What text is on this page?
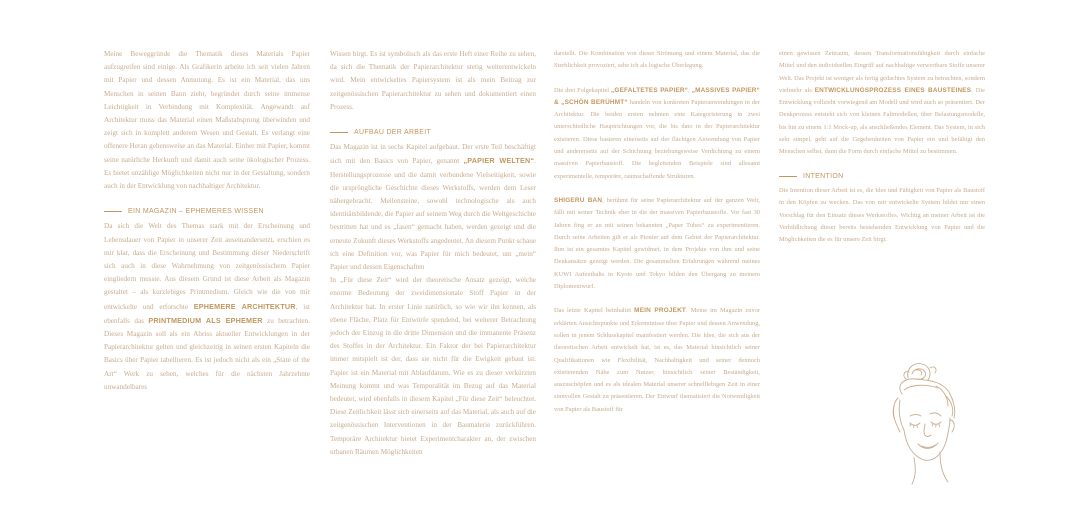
Meine Beweggründe die Thematik dieses Materials Papier aufzugreifen sind einige. Als Grafikerin arbeite ich seit vielen Jahren mit Papier und dessen Anmutung. Es ist ein Material, das uns Menschen in seinen Bann zieht, begründet durch seine immense Leichtigkeit in Verbindung mit Komplexität. Angewandt auf Architektur muss das Material einen Maßstabsprung überwinden und zeigt sich in komplett anderem Wesen und Gestalt. Es verlangt eine offenere Heran gehensweise an das Material. Einher mit Papier, kommt seine natürliche Herkunft und damit auch seine ökologischer Prozess. Es bietet unzählige Möglichkeiten nicht nur in der Gestaltung, sondern auch in der Entwicklung von nachhaltiger Architektur.

EIN MAGAZIN – EPHEMERES WISSEN

Da sich die Welt des Themas stark mit der Erscheinung und Lebensdauer von Papier in unserer Zeit auseinandersetzt, erschien es mir klar, dass die Erscheinung und Bestimmung dieser Niederschrift sich auch in diese Wahrnehmung von zeitgenössischem Papier eingliedern musste. Aus diesem Grund ist diese Arbeit als Magazin gestaltet – als kurzlebiges Printmedium. Gleich wie die von mir entwickelte und erforschte EPHEMERE ARCHITEKTUR, ist ebenfalls das PRINTMEDIUM ALS EPHEMER zu betrachten. Dieses Magazin soll als ein Abriss aktueller Entwicklungen in der Papierarchitektur gelten und gleichzeitig in seinen ersten Kapiteln die Basics über Papier tabellieren. Es ist jedoch nicht als ein „State of the Art“ Werk zu sehen, welches für die nächsten Jahrzehnte unwandelbares

Wissen birgt. Es ist symbolisch als das erste Heft einer Reihe zu sehen, da sich die Thematik der Papierarchitektur stetig weiterentwickeln wird. Mein entwickeltes Papiersystem ist als mein Beitrag zur zeitgenössischen Papierarchitektur zu sehen und dokumentiert einen Prozess.

AUFBAU DER ARBEIT

Das Magazin ist in sechs Kapitel aufgebaut. Der erste Teil beschäftigt sich mit den Basics von Papier, genannt „PAPIER WELTEN“. Herstellungsprozesse und die damit verbundene Vielseitigkeit, sowie die ursprüngliche Geschichte dieses Werkstoffs, werden dem Leser nähergebracht. Meilensteine, sowohl technologische als auch identitätsbildende, die Papier auf seinem Weg durch die Weltgeschichte bestritten hat und es „fasen“ gemacht haben, werden gezeigt und die erneute Zukunft dieses Werkstoffs angedeutet. An diesem Punkt schaue ich eine Definition vor, was Papier für mich bedeutet, um „mein“ Papier und dessen Eigenschaften

In „Für diese Zeit“ wird der theoretische Ansatz gezeigt, welche enorme Bedeutung der zweidimensionale Stoff Papier in der Architektur hat. In erster Linie natürlich, so wie wir ihn kennen, als ebene Fläche, Platz für Entwürfe spendend, bei weiterer Betrachtung jedoch der Einzug in die dritte Dimension und die immanente Präsenz des Stoffes in der Architektur. Ein Faktor der bei Papierarchitektur immer mitspielt ist der, dass sie nicht für die Ewigkeit gebaut ist. Papier ist ein Material mit Ablaufdatum. Wie es zu dieser verkürzten Meinung kommt und was Temporalität im Bezug auf das Material bedeutet, wird ebenfalls in diesem Kapitel „Für diese Zeit“ beleuchtet. Diese Zeitlichkeit lässt sich einerseits auf das Material, als auch auf die zeitgenössischen Interventionen in der Baumaterie zurückführen. Temporäre Architektur bietet Experimentcharakter an, der zwischen urbanen Räumen Möglichkeiten

darstellt. Die Kombination von dieser Strömung und einem Material, das die Sterblichkeit provoziert, sehe ich als logische Überlegung.

Die drei Folgekapitel „GEFALTETES PAPIER“, „MASSIVES PAPIER“ & „SCHÖN BERÜHMT“ handeln von konkreten Papieranwendungen in der Architektur. Die beiden ersten nehmen eine Kategorisierung in zwei unterschiedliche Hauptrichtungen vor, die bis dato in der Papierarchitektur existieren. Diese basieren einerseits auf der flächigen Anwendung von Papier und andererseits auf der Schichtung beziehungsweise Verdichtung zu einem massiven Papierbaustoff. Die begleitenden Beispiele sind allesamt experimentelle, temporäre, raumschaffende Strukturen.

SHIGERU BAN, berühmt für seine Papierarchitektur auf der ganzen Welt, fällt mit seiner Technik eher in die der massiven Papierbaustoffe. Vor fast 30 Jahren fing er an mit seinen bekannten „Paper Tubes“ zu experimentieren. Durch seine Arbeiten gilt er als Pionier auf dem Gebiet der Papierarchitektur. Ihm ist ein gesamtes Kapitel gewidmet, in dem Projekte von ihm und seine Denkansätze gezeigt werden. Die gesammelten Erfahrungen während meines KUWI Aufenthalts in Kyoto und Tokyo bilden den Übergang zu meinem Diplomentwurf.

Das letzte Kapitel beinhaltet MEIN PROJEKT. Meine im Magazin zuvor erklärten Ansichtspunkte und Erkenntnisse über Papier und dessen Anwendung, sollen in jenem Schlusskapitel manifestiert werden. Die Idee, die sich aus der theoretischen Arbeit entwickelt hat, ist es, das Material hinsichtlich seiner Qualifikationen wie Flexibilität, Nachhaltigkeit und seiner dennoch existierenden Nähe zum Nutzer, hinsichtlich seiner Beständigkeit, auszuschöpfen und es als idealen Material unserer schnelllebigen Zeit in einer sinnvollen Gestalt zu präsentieren. Der Entwurf thematisiert die Notwendigkeit von Papier als Baustoff für

einen gewissen Zeitraum, dessen Transformationsfähigkeit durch einfache Mittel und den individuellen Eingriff auf nachhaltige verwertbare Stoffe unserer Welt. Das Projekt ist weniger als fertig gedachtes System zu betrachten, sondern vielmehr als ENTWICKLUNGSPROZESS EINES BAUSTEINES. Die Entwicklung vollzieht vorwiegend am Modell und wird auch so präsentiert. Der Denkprozess entsteht sich von kleinen Faltmodellen, über Belastungsmodelle, bis hin zu einem 1:1 Mock-up, als anschließendes Element. Das System, in sich sehr simpel, geht auf die Gegebenheiten von Papier ein und befähigt den Menschen selbst, dann die Form durch einfache Mittel zu bestimmen.

INTENTION

Die Intention dieser Arbeit ist es, die Idee und Fähigkeit von Papier als Baustoff in den Köpfen zu wecken. Das von mir entwickelte System bildet nur einen Vorschlag für den Einsatz dieses Werkstoffes. Wichtig an meiner Arbeit ist die Verbildlichung dieser bereits bestehenden Entwicklung von Papier und die Möglichkeiten die es für unsere Zeit birgt.
